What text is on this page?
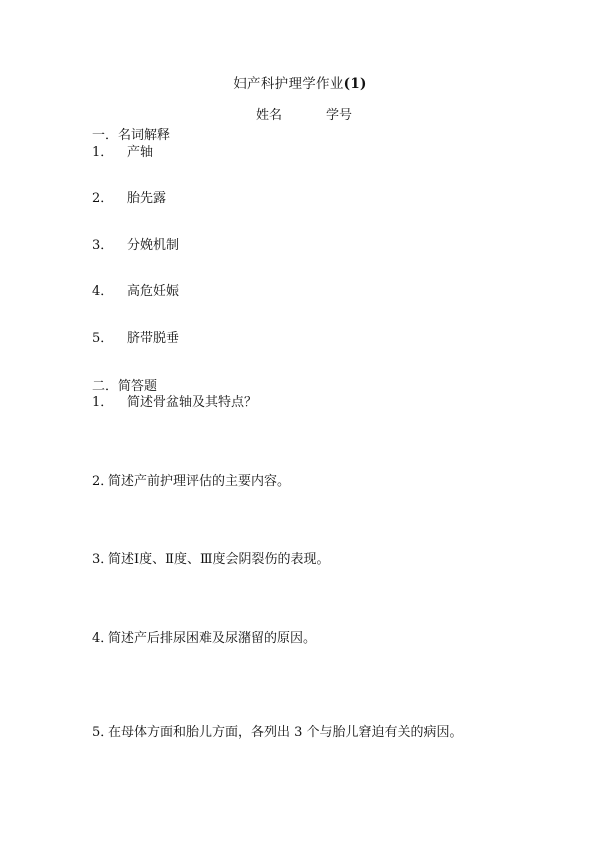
妇产科护理学作业(1)
姓名	学号
一．名词解释
1． 产轴
2． 胎先露
3． 分娩机制
4． 高危妊娠
5． 脐带脱垂
二．简答题
1． 简述骨盆轴及其特点？
2．简述产前护理评估的主要内容。
3．简述Ⅰ度、Ⅱ度、Ⅲ度会阴裂伤的表现。
4．简述产后排尿困难及尿潴留的原因。
5．在母体方面和胎儿方面，各列出 3 个与胎儿窘迫有关的病因。
